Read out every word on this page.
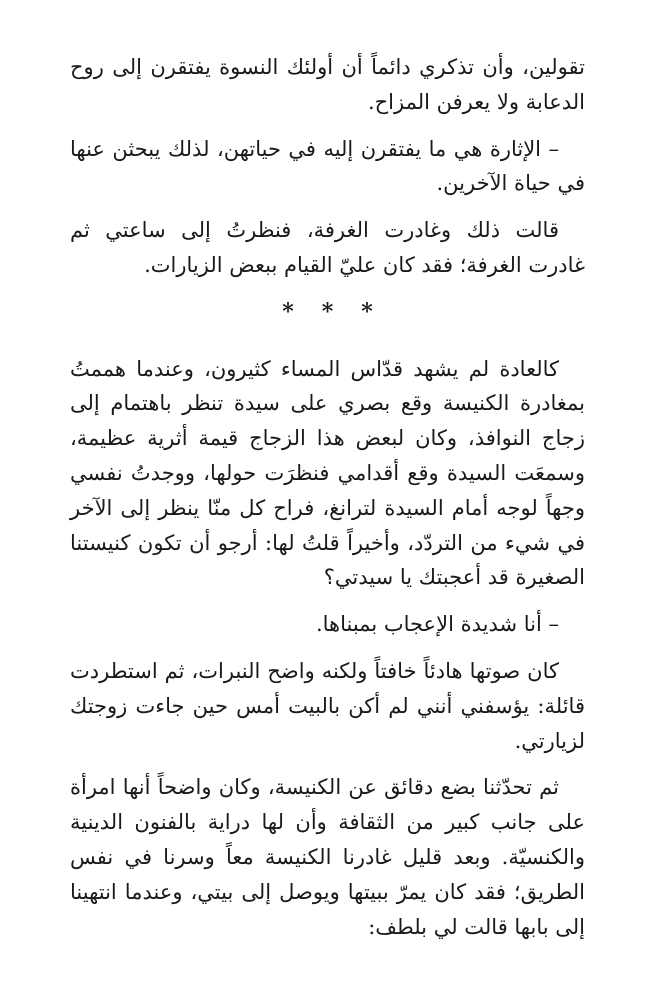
تقولين، وأن تذكري دائماً أن أولئك النسوة يفتقرن إلى روح الدعابة ولا يعرفن المزاح.

– الإثارة هي ما يفتقرن إليه في حياتهن، لذلك يبحثن عنها في حياة الآخرين.

قالت ذلك وغادرت الغرفة، فنظرتُ إلى ساعتي ثم غادرت الغرفة؛ فقد كان عليّ القيام ببعض الزيارات.

* * *

كالعادة لم يشهد قدّاس المساء كثيرون، وعندما هممتُ بمغادرة الكنيسة وقع بصري على سيدة تنظر باهتمام إلى زجاج النوافذ، وكان لبعض هذا الزجاج قيمة أثرية عظيمة، وسمعَت السيدة وقع أقدامي فنظرَت حولها، ووجدتُ نفسي وجهاً لوجه أمام السيدة لترانغ، فراح كل منّا ينظر إلى الآخر في شيء من التردّد، وأخيراً قلتُ لها: أرجو أن تكون كنيستنا الصغيرة قد أعجبتك يا سيدتي؟

– أنا شديدة الإعجاب بمبناها.

كان صوتها هادئاً خافتاً ولكنه واضح النبرات، ثم استطردت قائلة: يؤسفني أنني لم أكن بالبيت أمس حين جاءت زوجتك لزيارتي.

ثم تحدّثنا بضع دقائق عن الكنيسة، وكان واضحاً أنها امرأة على جانب كبير من الثقافة وأن لها دراية بالفنون الدينية والكنسيّة. وبعد قليل غادرنا الكنيسة معاً وسرنا في نفس الطريق؛ فقد كان يمرّ ببيتها ويوصل إلى بيتي، وعندما انتهينا إلى بابها قالت لي بلطف:
